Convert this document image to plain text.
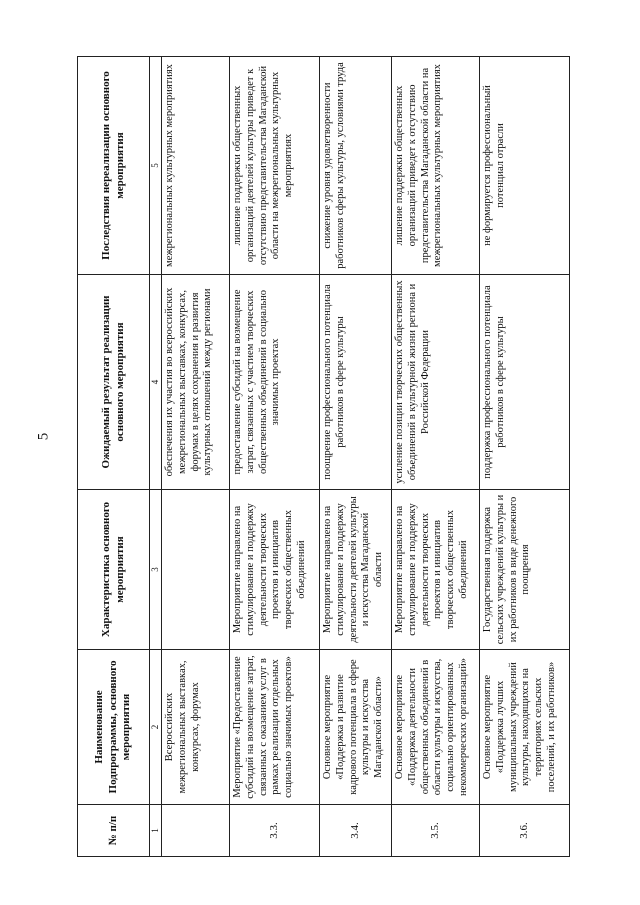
5
№ п/п	Наименование Подпрограммы, основного мероприятия	Характеристика основного мероприятия	Ожидаемый результат реализации основного мероприятия	Последствия нереализации основного мероприятия
1	2	3	4	5
	Всероссийских межрегиональных выставках, конкурсах, форумах		обеспечения их участия во всероссийских межрегиональных выставках, конкурсах, форумах в целях сохранения и развития культурных отношений между регионами	межрегиональных культурных мероприятиях
3.3.	Мероприятие «Предоставление субсидий на возмещение затрат, связанных с оказанием услуг в рамках реализации отдельных социально значимых проектов»	Мероприятие направлено на стимулирование и поддержку деятельности творческих проектов и инициатив творческих общественных объединений	предоставление субсидий на возмещение затрат, связанных с участием творческих общественных объединений в социально значимых проектах	лишение поддержки общественных организаций деятелей культуры приведет к отсутствию представительства Магаданской области на межрегиональных культурных мероприятиях
3.4.	Основное мероприятие «Поддержка и развитие кадрового потенциала в сфере культуры и искусства Магаданской области»	Мероприятие направлено на стимулирование и поддержку деятельности деятелей культуры и искусства Магаданской области	поощрение профессионального потенциала работников в сфере культуры	снижение уровня удовлетворенности работников сферы культуры, условиями труда
3.5.	Основное мероприятие «Поддержка деятельности общественных объединений в области культуры и искусства, социально ориентированных некоммерческих организаций»	Мероприятие направлено на стимулирование и поддержку деятельности творческих проектов и инициатив творческих общественных объединений	усиление позиции творческих общественных объединений в культурной жизни региона и Российской Федерации	лишение поддержки общественных организаций приведет к отсутствию представительства Магаданской области на межрегиональных культурных мероприятиях
3.6.	Основное мероприятие «Поддержка лучших муниципальных учреждений культуры, находящихся на территориях сельских поселений, и их работников»	Государственная поддержка сельских учреждений культуры и их работников в виде денежного поощрения	поддержка профессионального потенциала работников в сфере культуры	не формируется профессиональный потенциал отрасли
